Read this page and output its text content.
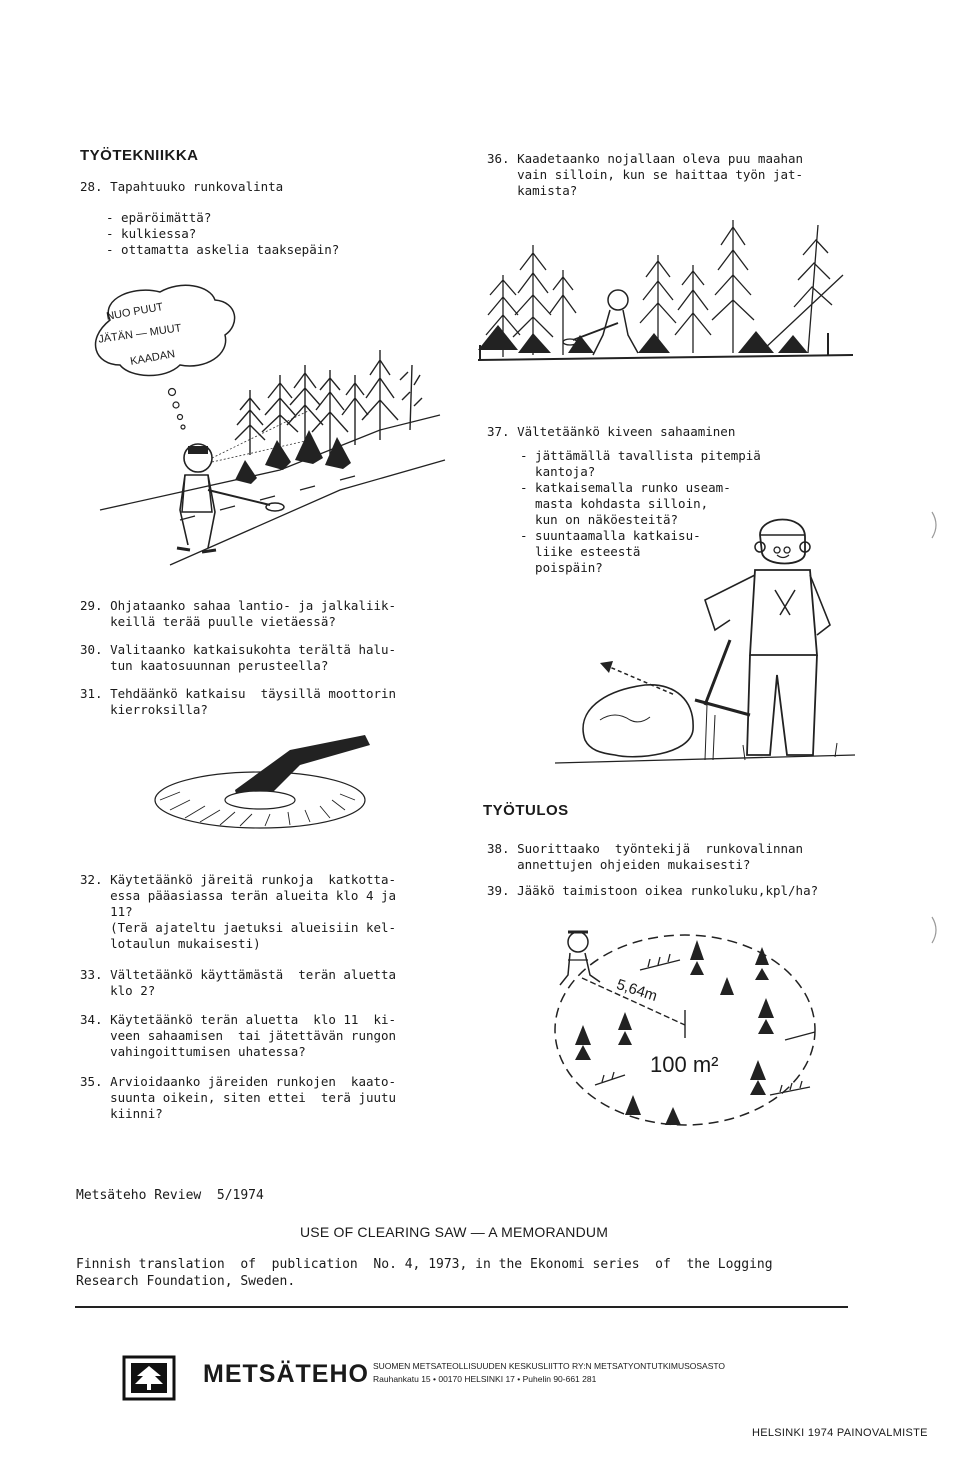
TYÖTEKNIIKKA
28. Tapahtuuko runkovalinta
- epäröimättä?
- kulkiessa?
- ottamatta askelia taaksepäin?
NUO PUUT
JÄTÄN — MUUT
KAADAN
29. Ohjataanko sahaa lantio- ja jalkaliik-
keillä terää puulle vietäessä?
30. Valitaanko katkaisukohta terältä halu-
tun kaatosuunnan perusteella?
31. Tehdäänkö katkaisu  täysillä moottorin
kierroksilla?
32. Käytetäänkö järeitä runkoja  katkotta-
essa pääasiassa terän alueita klo 4 ja
11?
(Terä ajateltu jaetuksi alueisiin kel-
lotaulun mukaisesti)
33. Vältetäänkö käyttämästä  terän aluetta
klo 2?
34. Käytetäänkö terän aluetta  klo 11  ki-
veen sahaamisen  tai jätettävän rungon
vahingoittumisen uhatessa?
35. Arvioidaanko järeiden runkojen  kaato-
suunta oikein, siten ettei  terä juutu
kiinni?
36. Kaadetaanko nojallaan oleva puu maahan
vain silloin, kun se haittaa työn jat-
kamista?
37. Vältetäänkö kiveen sahaaminen
- jättämällä tavallista pitempiä
kantoja?
- katkaisemalla runko useam-
masta kohdasta silloin,
kun on näköesteitä?
- suuntaamalla katkaisu-
liike esteestä
poispäin?
TYÖTULOS
38. Suorittaako  työntekijä  runkovalinnan
annettujen ohjeiden mukaisesti?
39. Jääkö taimistoon oikea runkoluku,kpl/ha?
5,64m
100 m²
Metsäteho Review  5/1974
USE OF CLEARING SAW — A MEMORANDUM
Finnish translation  of  publication  No. 4, 1973, in the Ekonomi series  of  the Logging
Research Foundation, Sweden.
METSÄTEHO SUOMEN METSATEOLLISUUDEN KESKUSLIITTO RY:N METSATYONTUTKIMUSOSASTO
Rauhankatu 15 • 00170 HELSINKI 17 • Puhelin 90-661 281
HELSINKI 1974 PAINOVALMISTE
